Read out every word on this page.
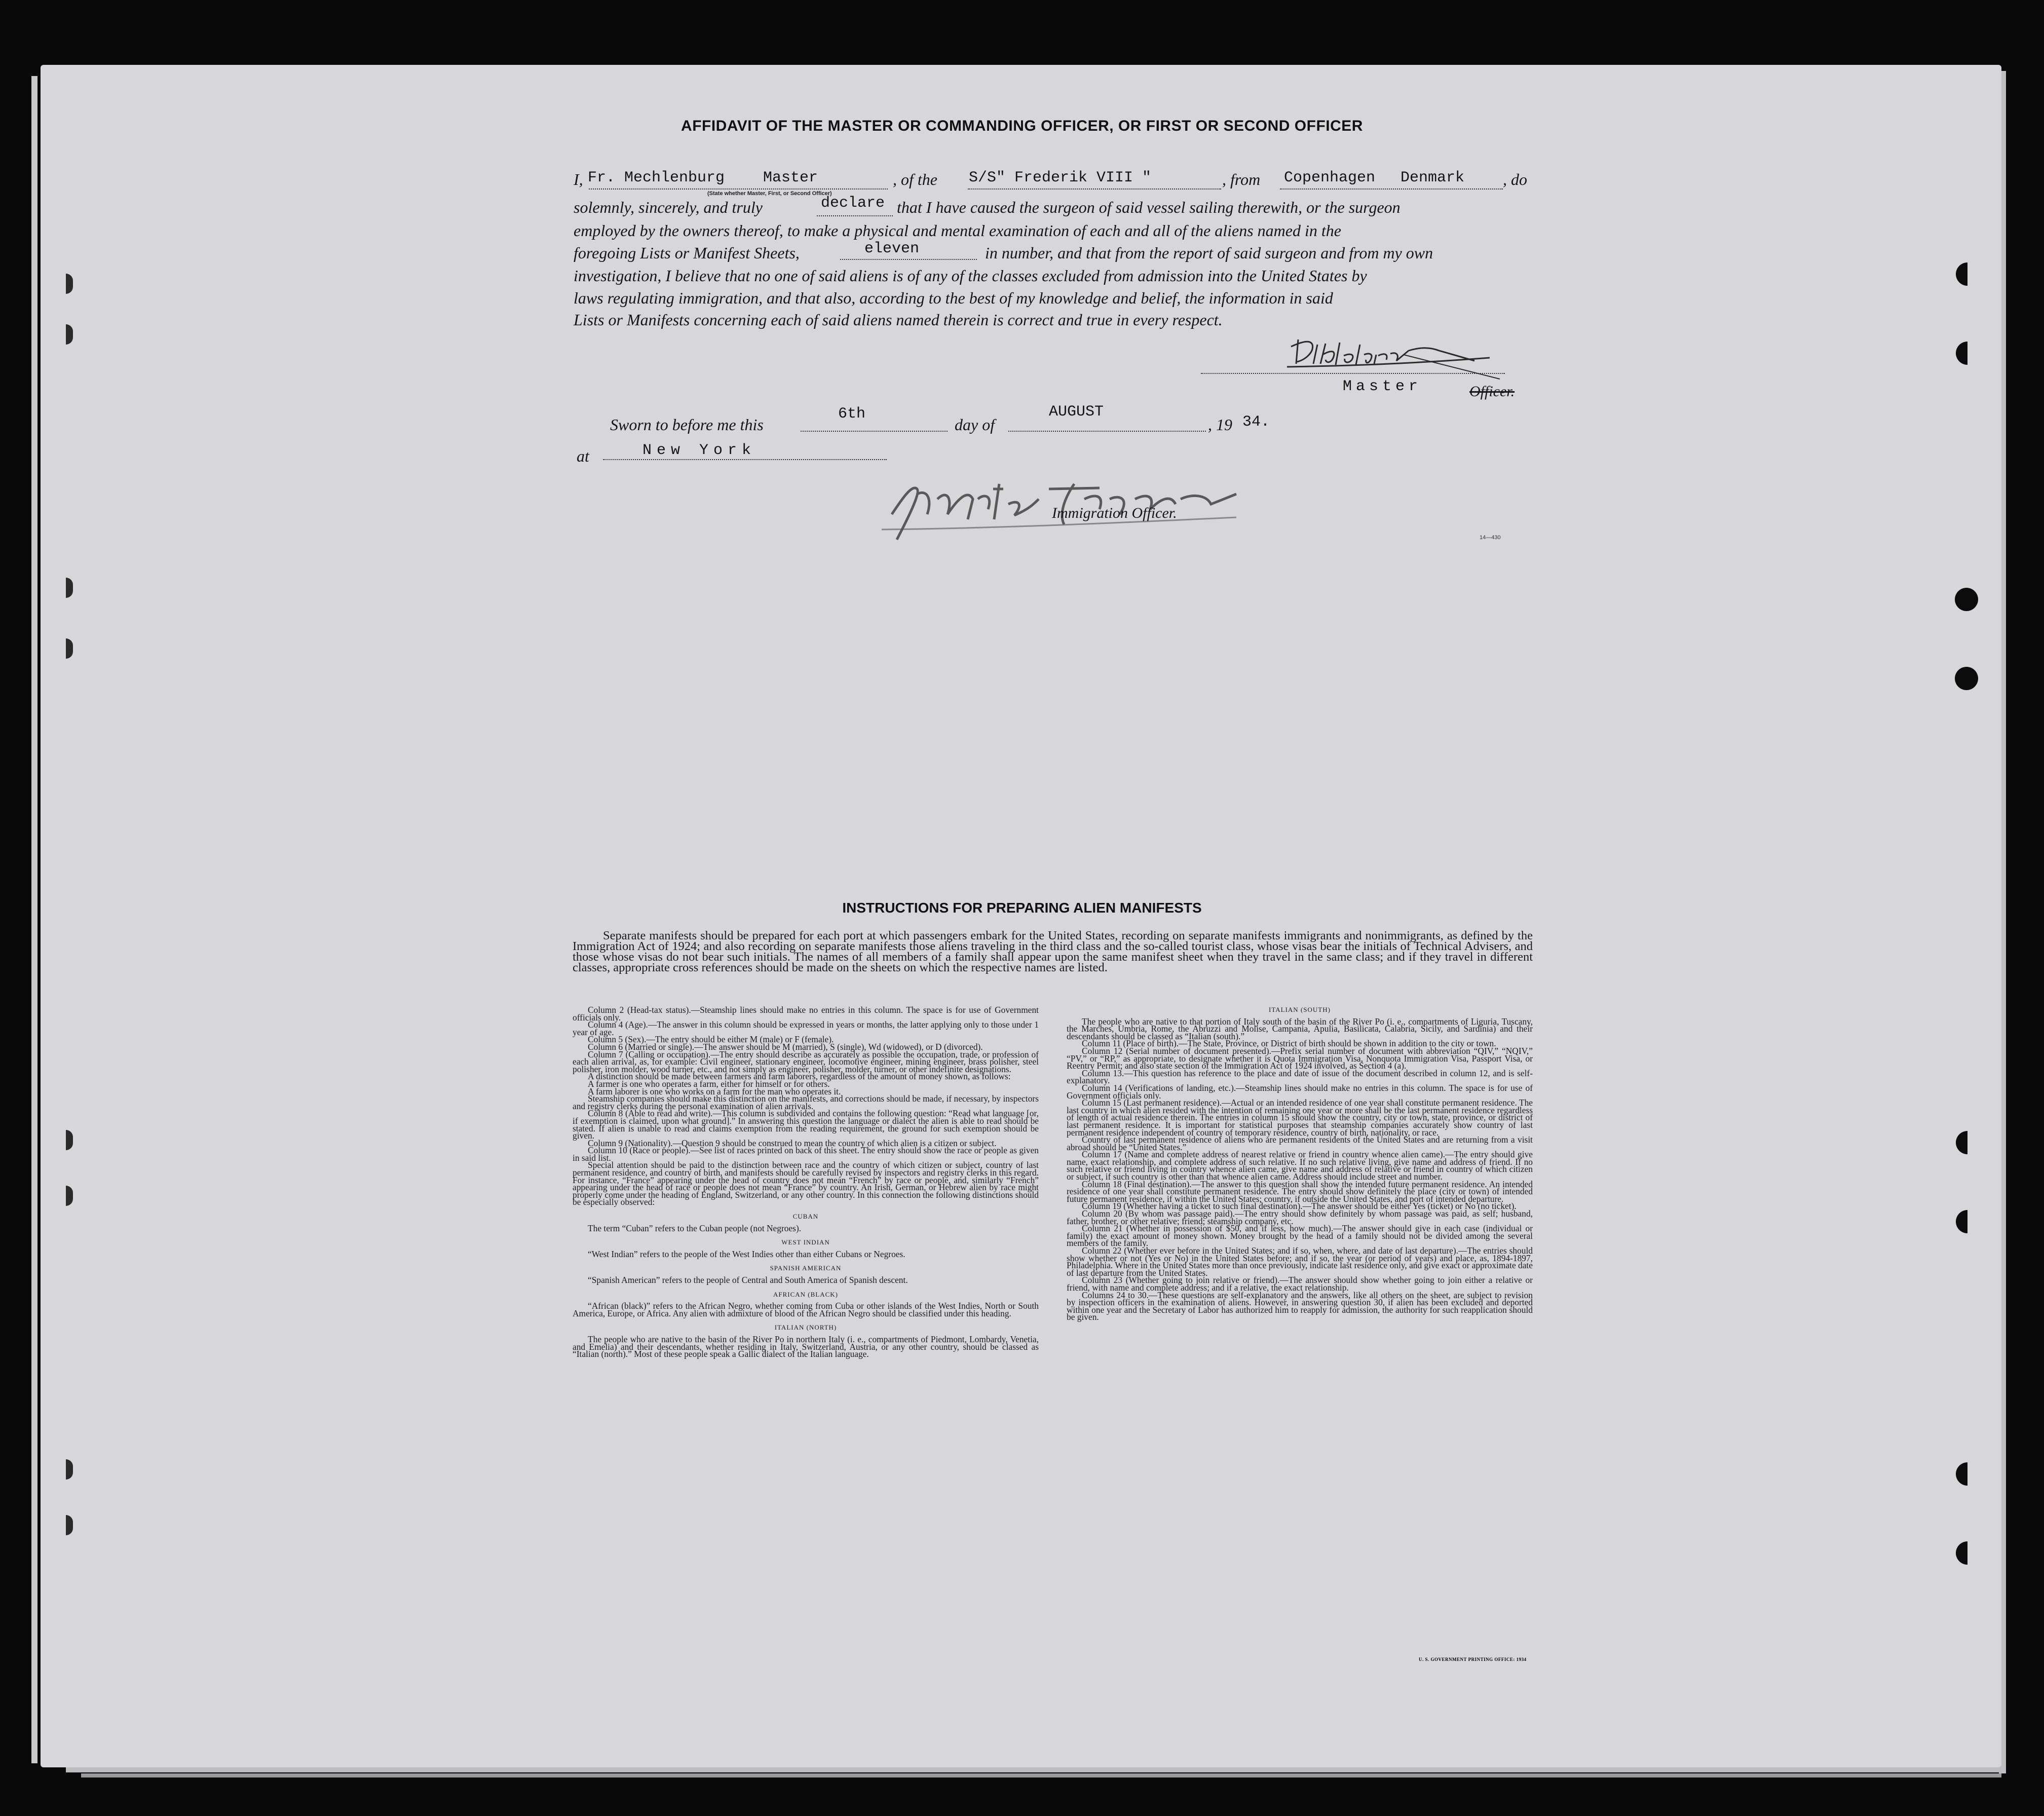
AFFIDAVIT OF THE MASTER OR COMMANDING OFFICER, OR FIRST OR SECOND OFFICER
I, Fr. Mechlenburg	Master
(State whether Master, First, or Second Officer)
, of the S/S" Frederik VIII "	, from Copenhagen Denmark , do
solemnly, sincerely, and truly	declare that I have caused the surgeon of said vessel sailing therewith, or the surgeon
employed by the owners thereof, to make a physical and mental examination of each and all of the aliens named in the
foregoing Lists or Manifest Sheets,	eleven	in number, and that from the report of said surgeon and from my own
investigation, I believe that no one of said aliens is of any of the classes excluded from admission into the United States by
laws regulating immigration, and that also, according to the best of my knowledge and belief, the information in said
Lists or Manifests concerning each of said aliens named therein is correct and true in every respect.
Master	Officer.
Sworn to before me this
6th
day of
AUGUST
, 19 34.
at	New York
Immigration Officer.
14—430
INSTRUCTIONS FOR PREPARING ALIEN MANIFESTS

Separate manifests should be prepared for each port at which passengers embark for the United States, recording on separate manifests immigrants and nonimmigrants, as defined by the Immigration Act of 1924; and also recording on separate manifests those aliens traveling in the third class and the so-called tourist class, whose visas bear the initials of Technical Advisers, and those whose visas do not bear such initials. The names of all members of a family shall appear upon the same manifest sheet when they travel in the same class; and if they travel in different classes, appropriate cross references should be made on the sheets on which the respective names are listed.

Column 2 (Head-tax status).—Steamship lines should make no entries in this column. The space is for use of Government officials only.

Column 4 (Age).—The answer in this column should be expressed in years or months, the latter applying only to those under 1 year of age.

Column 5 (Sex).—The entry should be either M (male) or F (female).

Column 6 (Married or single).—The answer should be M (married), S (single), Wd (widowed), or D (divorced).

Column 7 (Calling or occupation).—The entry should describe as accurately as possible the occupation, trade, or profession of each alien arrival, as, for example: Civil engineer, stationary engineer, locomotive engineer, mining engineer, brass polisher, steel polisher, iron molder, wood turner, etc., and not simply as engineer, polisher, molder, turner, or other indefinite designations.

A distinction should be made between farmers and farm laborers, regardless of the amount of money shown, as follows:

A farmer is one who operates a farm, either for himself or for others.

A farm laborer is one who works on a farm for the man who operates it.

Steamship companies should make this distinction on the manifests, and corrections should be made, if necessary, by inspectors and registry clerks during the personal examination of alien arrivals.

Column 8 (Able to read and write).—This column is subdivided and contains the following question: “Read what language [or, if exemption is claimed, upon what ground].” In answering this question the language or dialect the alien is able to read should be stated. If alien is unable to read and claims exemption from the reading requirement, the ground for such exemption should be given.

Column 9 (Nationality).—Question 9 should be construed to mean the country of which alien is a citizen or subject.

Column 10 (Race or people).—See list of races printed on back of this sheet. The entry should show the race or people as given in said list.

Special attention should be paid to the distinction between race and the country of which citizen or subject, country of last permanent residence, and country of birth, and manifests should be carefully revised by inspectors and registry clerks in this regard. For instance, “France” appearing under the head of country does not mean “French” by race or people, and, similarly “French” appearing under the head of race or people does not mean “France” by country. An Irish, German, or Hebrew alien by race might properly come under the heading of England, Switzerland, or any other country. In this connection the following distinctions should be especially observed:

CUBAN

The term “Cuban” refers to the Cuban people (not Negroes).

WEST INDIAN

“West Indian” refers to the people of the West Indies other than either Cubans or Negroes.

SPANISH AMERICAN

“Spanish American” refers to the people of Central and South America of Spanish descent.

AFRICAN (BLACK)

“African (black)” refers to the African Negro, whether coming from Cuba or other islands of the West Indies, North or South America, Europe, or Africa. Any alien with admixture of blood of the African Negro should be classified under this heading.

ITALIAN (NORTH)

The people who are native to the basin of the River Po in northern Italy (i. e., compartments of Piedmont, Lombardy, Venetia, and Emelia) and their descendants, whether residing in Italy, Switzerland, Austria, or any other country, should be classed as “Italian (north).” Most of these people speak a Gallic dialect of the Italian language.

ITALIAN (SOUTH)

The people who are native to that portion of Italy south of the basin of the River Po (i. e., compartments of Liguria, Tuscany, the Marches, Umbria, Rome, the Abruzzi and Molise, Campania, Apulia, Basilicata, Calabria, Sicily, and Sardinia) and their descendants should be classed as “Italian (south).”

Column 11 (Place of birth).—The State, Province, or District of birth should be shown in addition to the city or town.

Column 12 (Serial number of document presented).—Prefix serial number of document with abbreviation “QIV,” “NQIV,” “PV,” or “RP,” as appropriate, to designate whether it is Quota Immigration Visa, Nonquota Immigration Visa, Passport Visa, or Reentry Permit; and also state section of the Immigration Act of 1924 involved, as Section 4 (a).

Column 13.—This question has reference to the place and date of issue of the document described in column 12, and is self-explanatory.

Column 14 (Verifications of landing, etc.).—Steamship lines should make no entries in this column. The space is for use of Government officials only.

Column 15 (Last permanent residence).—Actual or an intended residence of one year shall constitute permanent residence. The last country in which alien resided with the intention of remaining one year or more shall be the last permanent residence regardless of length of actual residence therein. The entries in column 15 should show the country, city or town, state, province, or district of last permanent residence. It is important for statistical purposes that steamship companies accurately show country of last permanent residence independent of country of temporary residence, country of birth, nationality, or race.

Country of last permanent residence of aliens who are permanent residents of the United States and are returning from a visit abroad should be “United States.”

Column 17 (Name and complete address of nearest relative or friend in country whence alien came).—The entry should give name, exact relationship, and complete address of such relative. If no such relative living, give name and address of friend. If no such relative or friend living in country whence alien came, give name and address of relative or friend in country of which citizen or subject, if such country is other than that whence alien came. Address should include street and number.

Column 18 (Final destination).—The answer to this question shall show the intended future permanent residence. An intended residence of one year shall constitute permanent residence. The entry should show definitely the place (city or town) of intended future permanent residence, if within the United States; country, if outside the United States, and port of intended departure.

Column 19 (Whether having a ticket to such final destination).—The answer should be either Yes (ticket) or No (no ticket).

Column 20 (By whom was passage paid).—The entry should show definitely by whom passage was paid, as self; husband, father, brother, or other relative; friend; steamship company, etc.

Column 21 (Whether in possession of $50, and if less, how much).—The answer should give in each case (individual or family) the exact amount of money shown. Money brought by the head of a family should not be divided among the several members of the family.

Column 22 (Whether ever before in the United States; and if so, when, where, and date of last departure).—The entries should show whether or not (Yes or No) in the United States before; and if so, the year (or period of years) and place, as, 1894-1897, Philadelphia. Where in the United States more than once previously, indicate last residence only, and give exact or approximate date of last departure from the United States.

Column 23 (Whether going to join relative or friend).—The answer should show whether going to join either a relative or friend, with name and complete address; and if a relative, the exact relationship.

Columns 24 to 30.—These questions are self-explanatory and the answers, like all others on the sheet, are subject to revision by inspection officers in the examination of aliens. However, in answering question 30, if alien has been excluded and deported within one year and the Secretary of Labor has authorized him to reapply for admission, the authority for such reapplication should be given.

U. S. GOVERNMENT PRINTING OFFICE: 1934
